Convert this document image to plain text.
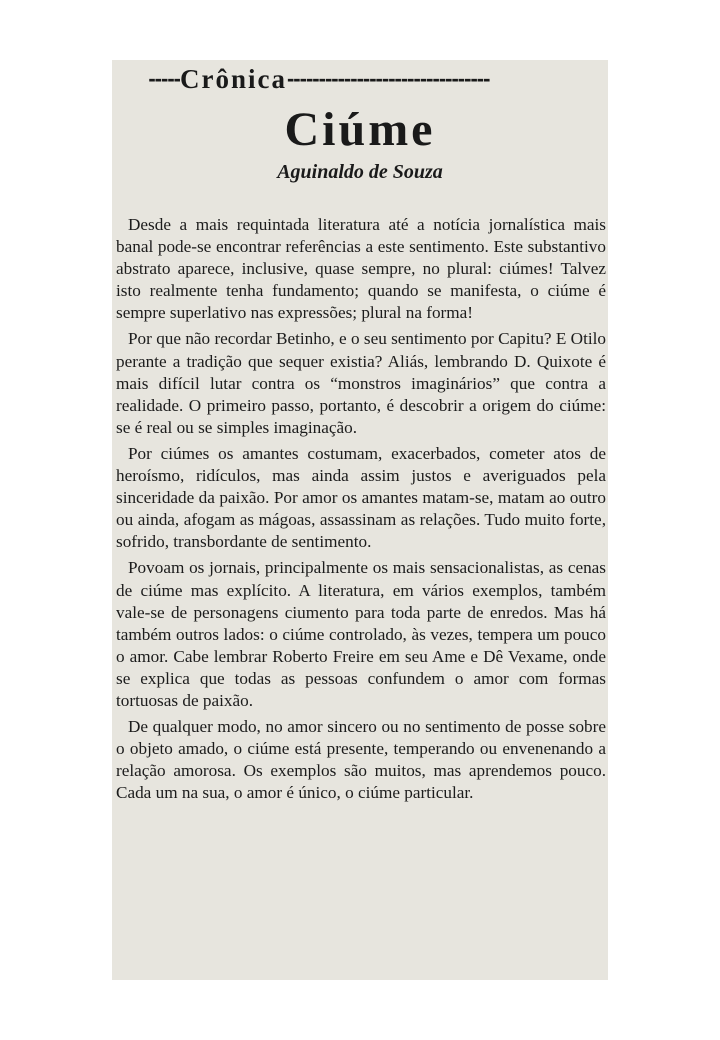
----- Crônica --------------------------------
Ciúme
Aguinaldo de Souza

Desde a mais requintada literatura até a notícia jornalística mais banal pode-se encontrar referências a este sentimento. Este substantivo abstrato aparece, inclusive, quase sempre, no plural: ciúmes! Talvez isto realmente tenha fundamento; quando se manifesta, o ciúme é sempre superlativo nas expressões; plural na forma!

Por que não recordar Betinho, e o seu sentimento por Capitu? E Otilo perante a tradição que sequer existia? Aliás, lembrando D. Quixote é mais difícil lutar contra os “monstros imaginários” que contra a realidade. O primeiro passo, portanto, é descobrir a origem do ciúme: se é real ou se simples imaginação.

Por ciúmes os amantes costumam, exacerbados, cometer atos de heroísmo, ridículos, mas ainda assim justos e averiguados pela sinceridade da paixão. Por amor os amantes matam-se, matam ao outro ou ainda, afogam as mágoas, assassinam as relações. Tudo muito forte, sofrido, transbordante de sentimento.

Povoam os jornais, principalmente os mais sensacionalistas, as cenas de ciúme mas explícito. A literatura, em vários exemplos, também vale-se de personagens ciumento para toda parte de enredos. Mas há também outros lados: o ciúme controlado, às vezes, tempera um pouco o amor. Cabe lembrar Roberto Freire em seu Ame e Dê Vexame, onde se explica que todas as pessoas confundem o amor com formas tortuosas de paixão.

De qualquer modo, no amor sincero ou no sentimento de posse sobre o objeto amado, o ciúme está presente, temperando ou envenenando a relação amorosa. Os exemplos são muitos, mas aprendemos pouco. Cada um na sua, o amor é único, o ciúme particular.
